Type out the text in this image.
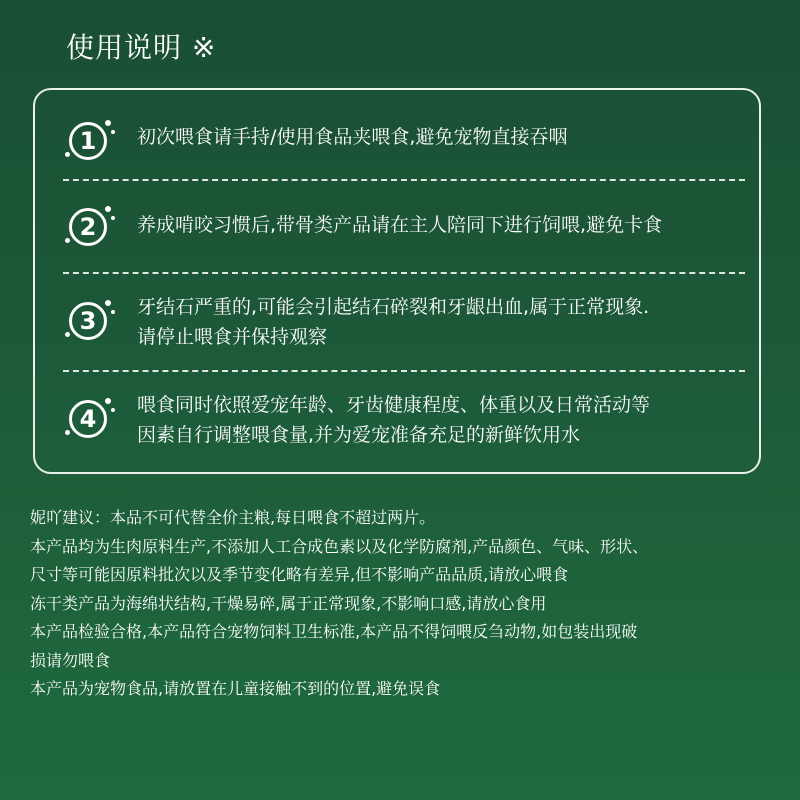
使用说明 ※
1	初次喂食请手持/使用食品夹喂食,避免宠物直接吞咽
2	养成啃咬习惯后,带骨类产品请在主人陪同下进行饲喂,避免卡食
3	牙结石严重的,可能会引起结石碎裂和牙龈出血,属于正常现象.
请停止喂食并保持观察
4	喂食同时依照爱宠年龄、牙齿健康程度、体重以及日常活动等
因素自行调整喂食量,并为爱宠准备充足的新鲜饮用水
妮吖建议：本品不可代替全价主粮,每日喂食不超过两片。
本产品均为生肉原料生产,不添加人工合成色素以及化学防腐剂,产品颜色、气味、形状、
尺寸等可能因原料批次以及季节变化略有差异,但不影响产品品质,请放心喂食
冻干类产品为海绵状结构,干燥易碎,属于正常现象,不影响口感,请放心食用
本产品检验合格,本产品符合宠物饲料卫生标准,本产品不得饲喂反刍动物,如包装出现破
损请勿喂食
本产品为宠物食品,请放置在儿童接触不到的位置,避免误食
